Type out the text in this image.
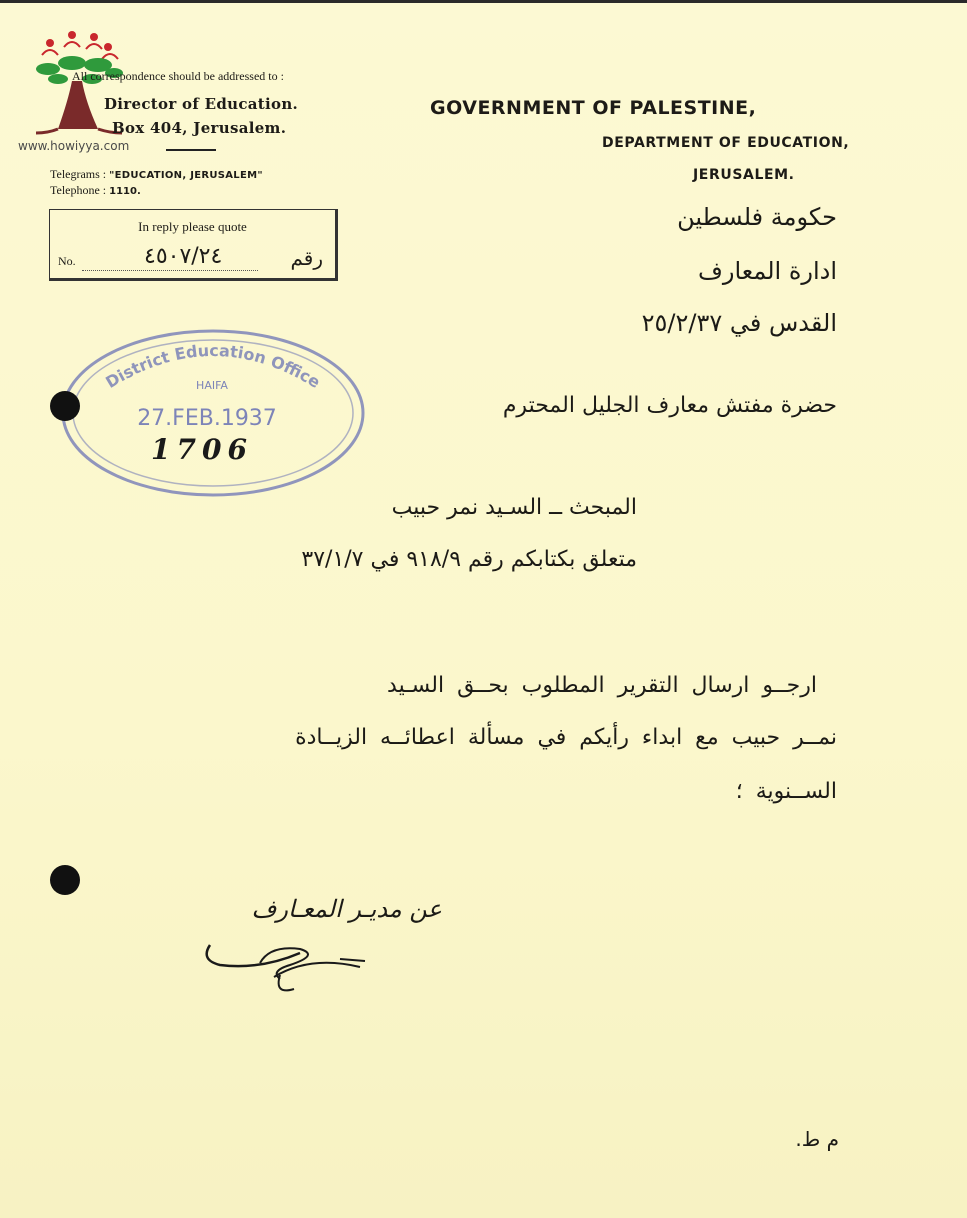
www.howiyya.com
All correspondence should be addressed to :
Director of Education.
Box 404, Jerusalem.
Telegrams : "EDUCATION, JERUSALEM"
Telephone : 1110.
In reply please quote
No.	٤٥٠٧/٢٤	رقم
GOVERNMENT OF PALESTINE,
DEPARTMENT OF EDUCATION,
JERUSALEM.
حكومة فلسطين
ادارة المعارف
القدس في ٢٥/٢/٣٧
District Education Office
HAIFA
27.FEB.1937
1706
حضرة مفتش معارف الجليل المحترم
المبحث ــ السـيد نمر حبيب
متعلق بكتابكم رقم ٩١٨/٩ في ٣٧/١/٧
ارجــو ارسال التقرير المطلوب بحــق السـيد
نمــر حبيب مع ابداء رأيكم في مسألة اعطائــه الزيــادة
الســنوية ؛
عن مديـر المعـارف
م ط.
